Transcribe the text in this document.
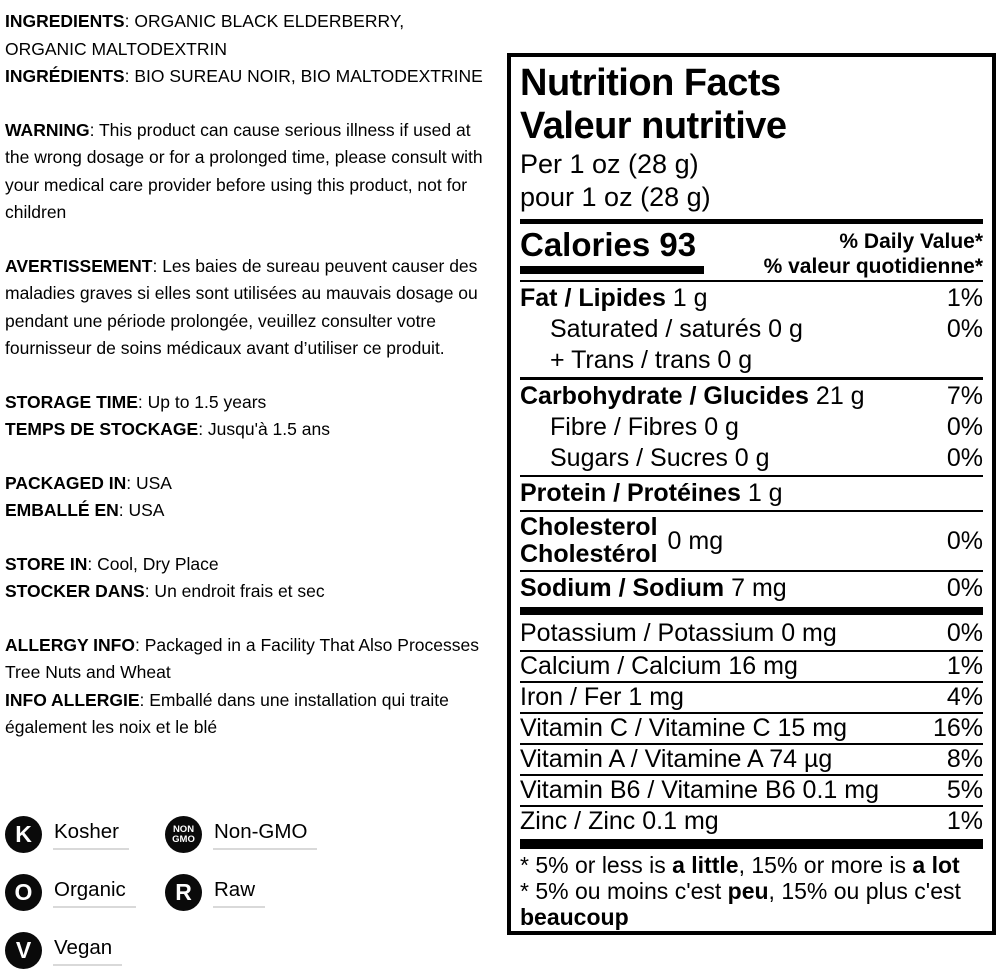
INGREDIENTS: ORGANIC BLACK ELDERBERRY, ORGANIC MALTODEXTRIN
INGRÉDIENTS: BIO SUREAU NOIR, BIO MALTODEXTRINE

WARNING: This product can cause serious illness if used at the wrong dosage or for a prolonged time, please consult with your medical care provider before using this product, not for children

AVERTISSEMENT: Les baies de sureau peuvent causer des maladies graves si elles sont utilisées au mauvais dosage ou pendant une période prolongée, veuillez consulter votre fournisseur de soins médicaux avant d’utiliser ce produit.

STORAGE TIME: Up to 1.5 years
TEMPS DE STOCKAGE: Jusqu'à 1.5 ans

PACKAGED IN: USA
EMBALLÉ EN: USA

STORE IN: Cool, Dry Place
STOCKER DANS: Un endroit frais et sec

ALLERGY INFO: Packaged in a Facility That Also Processes Tree Nuts and Wheat
INFO ALLERGIE: Emballé dans une installation qui traite également les noix et le blé

K	Kosher	NON
GMO Non-GMO
O	Organic	R	Raw
V	Vegan
Nutrition Facts
Valeur nutritive
Per 1 oz (28 g)
pour 1 oz (28 g)
Calories 93	% Daily Value*
% valeur quotidienne*
Fat / Lipides 1 g	1%
Saturated / saturés 0 g	0%
+ Trans / trans 0 g
Carbohydrate / Glucides 21 g	7%
Fibre / Fibres 0 g	0%
Sugars / Sucres 0 g	0%
Protein / Protéines 1 g
Cholesterol
Cholestérol 0 mg	0%
Sodium / Sodium 7 mg	0%
Potassium / Potassium 0 mg	0%
Calcium / Calcium 16 mg	1%
Iron / Fer 1 mg	4%
Vitamin C / Vitamine C 15 mg	16%
Vitamin A / Vitamine A 74 µg	8%
Vitamin B6 / Vitamine B6 0.1 mg	5%
Zinc / Zinc 0.1 mg	1%
* 5% or less is a little, 15% or more is a lot
* 5% ou moins c'est peu, 15% ou plus c'est
beaucoup
